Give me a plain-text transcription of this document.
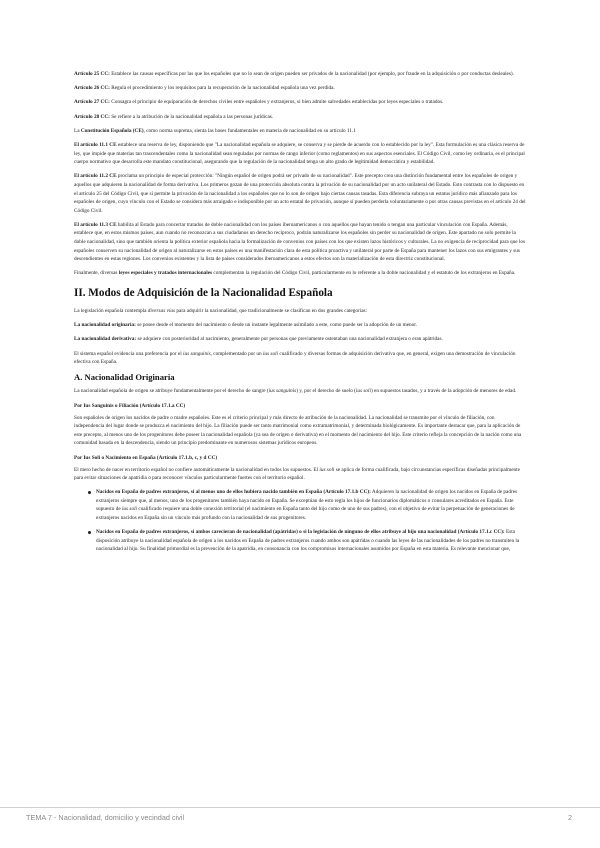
Artículo 25 CC: Establece las causas específicas por las que los españoles que no lo sean de origen pueden ser privados de la nacionalidad (por ejemplo, por fraude en la adquisición o por conductas desleales).

Artículo 26 CC: Regula el procedimiento y los requisitos para la recuperación de la nacionalidad española una vez perdida.

Artículo 27 CC: Consagra el principio de equiparación de derechos civiles entre españoles y extranjeros, si bien admite salvedades establecidas por leyes especiales o tratados.

Artículo 28 CC: Se refiere a la atribución de la nacionalidad española a las personas jurídicas.

La Constitución Española (CE), como norma suprema, sienta las bases fundamentales en materia de nacionalidad en su artículo 11.1

El artículo 11.1 CE establece una reserva de ley, disponiendo que "La nacionalidad española se adquiere, se conserva y se pierde de acuerdo con lo establecido por la ley". Esta formulación es una clásica reserva de ley, que impide que materias tan trascendentales como la nacionalidad sean reguladas por normas de rango inferior (como reglamentos) en sus aspectos esenciales. El Código Civil, como ley ordinaria, es el principal cuerpo normativo que desarrolla este mandato constitucional, asegurando que la regulación de la nacionalidad tenga un alto grado de legitimidad democrática y estabilidad.

El artículo 11.2 CE proclama un principio de especial protección: "Ningún español de origen podrá ser privado de su nacionalidad". Este precepto crea una distinción fundamental entre los españoles de origen y aquellos que adquieren la nacionalidad de forma derivativa. Los primeros gozan de una protección absoluta contra la privación de su nacionalidad por un acto unilateral del Estado. Esto contrasta con lo dispuesto en el artículo 25 del Código Civil, que sí permite la privación de la nacionalidad a los españoles que no lo son de origen bajo ciertas causas tasadas. Esta diferencia subraya un estatus jurídico más afianzado para los españoles de origen, cuyo vínculo con el Estado se considera más arraigado e indisponible por un acto estatal de privación, aunque sí pueden perderla voluntariamente o por otras causas previstas en el artículo 24 del Código Civil.

El artículo 11.3 CE habilita al Estado para concertar tratados de doble nacionalidad con los países iberoamericanos o con aquellos que hayan tenido o tengan una particular vinculación con España. Además, establece que, en estos mismos países, aun cuando no reconozcan a sus ciudadanos un derecho recíproco, podrán naturalizarse los españoles sin perder su nacionalidad de origen. Este apartado no solo permite la doble nacionalidad, sino que también orienta la política exterior española hacia la formalización de convenios con países con los que existen lazos históricos y culturales. La no exigencia de reciprocidad para que los españoles conserven su nacionalidad de origen al naturalizarse en estos países es una manifestación clara de esta política proactiva y unilateral por parte de España para mantener los lazos con sus emigrantes y sus descendientes en estas regiones. Los convenios existentes y la lista de países considerados iberoamericanos a estos efectos son la materialización de esta directriz constitucional.

Finalmente, diversas leyes especiales y tratados internacionales complementan la regulación del Código Civil, particularmente en lo referente a la doble nacionalidad y el estatuto de los extranjeros en España.

II. Modos de Adquisición de la Nacionalidad Española

La legislación española contempla diversas vías para adquirir la nacionalidad, que tradicionalmente se clasifican en dos grandes categorías:

La nacionalidad originaria: se posee desde el momento del nacimiento o desde un instante legalmente asimilado a este, como puede ser la adopción de un menor.

La nacionalidad derivativa: se adquiere con posterioridad al nacimiento, generalmente por personas que previamente ostentaban una nacionalidad extranjera o eran apátridas.

El sistema español evidencia una preferencia por el ius sanguinis, complementado por un ius soli cualificado y diversas formas de adquisición derivativa que, en general, exigen una demostración de vinculación efectiva con España.

A. Nacionalidad Originaria

La nacionalidad española de origen se atribuye fundamentalmente por el derecho de sangre (ius sanguinis) y, por el derecho de suelo (ius soli) en supuestos tasados, y a través de la adopción de menores de edad.

Por Ius Sanguinis o Filiación (Artículo 17.1.a CC)

Son españoles de origen los nacidos de padre o madre españoles. Este es el criterio principal y más directo de atribución de la nacionalidad. La nacionalidad se transmite por el vínculo de filiación, con independencia del lugar donde se produzca el nacimiento del hijo. La filiación puede ser tanto matrimonial como extramatrimonial, y determinada biológicamente. Es importante destacar que, para la aplicación de este precepto, al menos uno de los progenitores debe poseer la nacionalidad española (ya sea de origen o derivativa) en el momento del nacimiento del hijo. Este criterio refleja la concepción de la nación como una comunidad basada en la descendencia, siendo un principio predominante en numerosos sistemas jurídicos europeos.

Por Ius Soli o Nacimiento en España (Artículo 17.1.b, c, y d CC)

El mero hecho de nacer en territorio español no confiere automáticamente la nacionalidad en todos los supuestos. El ius soli se aplica de forma cualificada, bajo circunstancias específicas diseñadas principalmente para evitar situaciones de apatridia o para reconocer vínculos particularmente fuertes con el territorio español.

Nacidos en España de padres extranjeros, si al menos uno de ellos hubiera nacido también en España (Artículo 17.1.b CC): Adquieren la nacionalidad de origen los nacidos en España de padres extranjeros siempre que, al menos, uno de los progenitores también haya nacido en España. Se exceptúan de esto regla los hijos de funcionarios diplomáticos o consulares acreditados en España. Este supuesto de ius soli cualificado requiere una doble conexión territorial (el nacimiento en España tanto del hijo como de uno de sus padres), con el objetivo de evitar la perpetuación de generaciones de extranjeros nacidos en España sin un vínculo más profundo con la nacionalidad de sus progenitores.
Nacidos en España de padres extranjeros, si ambos carecieran de nacionalidad (apátridas) o si la legislación de ninguno de ellos atribuye al hijo una nacionalidad (Artículo 17.1.c CC): Esta disposición atribuye la nacionalidad española de origen a los nacidos en España de padres extranjeros cuando ambos son apátridas o cuando las leyes de las nacionalidades de los padres no transmiten la nacionalidad al hijo. Su finalidad primordial es la prevención de la apatridia, en consonancia con los compromisos internacionales asumidos por España en esta materia. Es relevante mencionar que,
TEMA 7 - Nacionalidad, domicilio y vecindad civil	2
